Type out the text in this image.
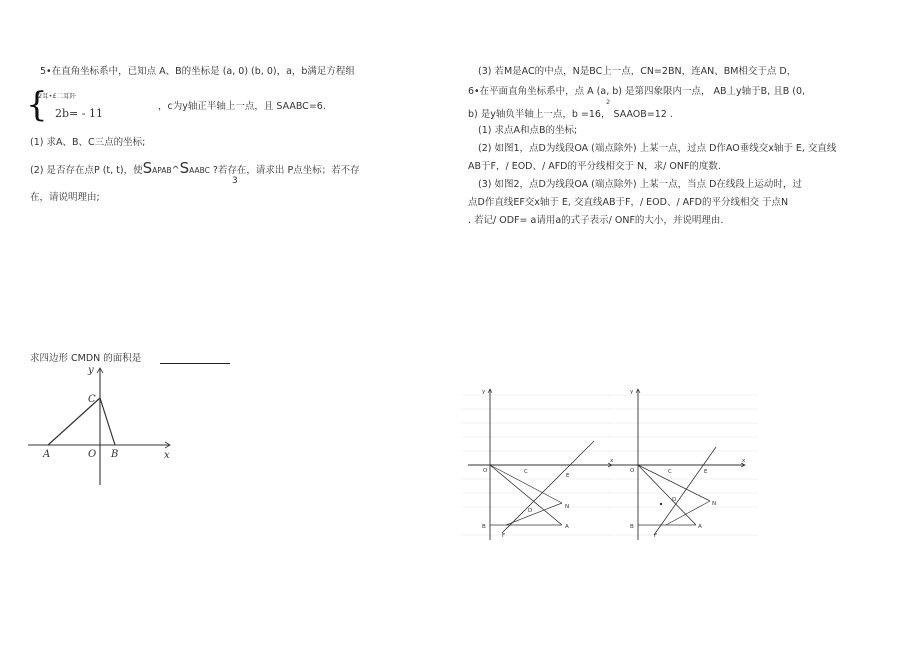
5•在直角坐标系中，已知点 A、B的坐标是 (a, 0) (b, 0)，a，b满足方程组
{
2耳•£二耳阡
2b= - 11
，c为y轴正半轴上一点，且 SAABC=6.
(1) 求A、B、C三点的坐标;
(2) 是否存在点P (t, t)，使SAPAB^SAABC ?若存在，请求出 P点坐标；若不存
3
在，请说明理由;
求四边形 CMDN 的面积是
y
x
C
A	O B
(3) 若M是AC的中点，N是BC上一点，CN=2BN，连AN、BM相交于点 D，
6•在平面直角坐标系中，点 A (a, b) 是第四象限内一点， AB丄y轴于B, 且B (0,
2
b) 是y轴负半轴上一点，b =16， SAAOB=12 .
(1) 求点A和点B的坐标;
(2) 如图1，点D为线段OA (端点除外) 上某一点，过点 D作AO垂线交x轴于 E, 交直线
AB于F，/ EOD、/ AFD的平分线相交于 N，求/ ONF的度数.
(3) 如图2，点D为线段OA (端点除外) 上某一点，当点 D在线段上运动时，过
点D作直线EF交x轴于 E, 交直线AB于F，/ EOD、/ AFD的平分线相交 于点N
. 若记/ ODF= a请用a的式子表示/ ONF的大小，并说明理由.
y
x
O	C
E
D
N
B
F
A
y
x
O	C	E
D
N
B
F
A
